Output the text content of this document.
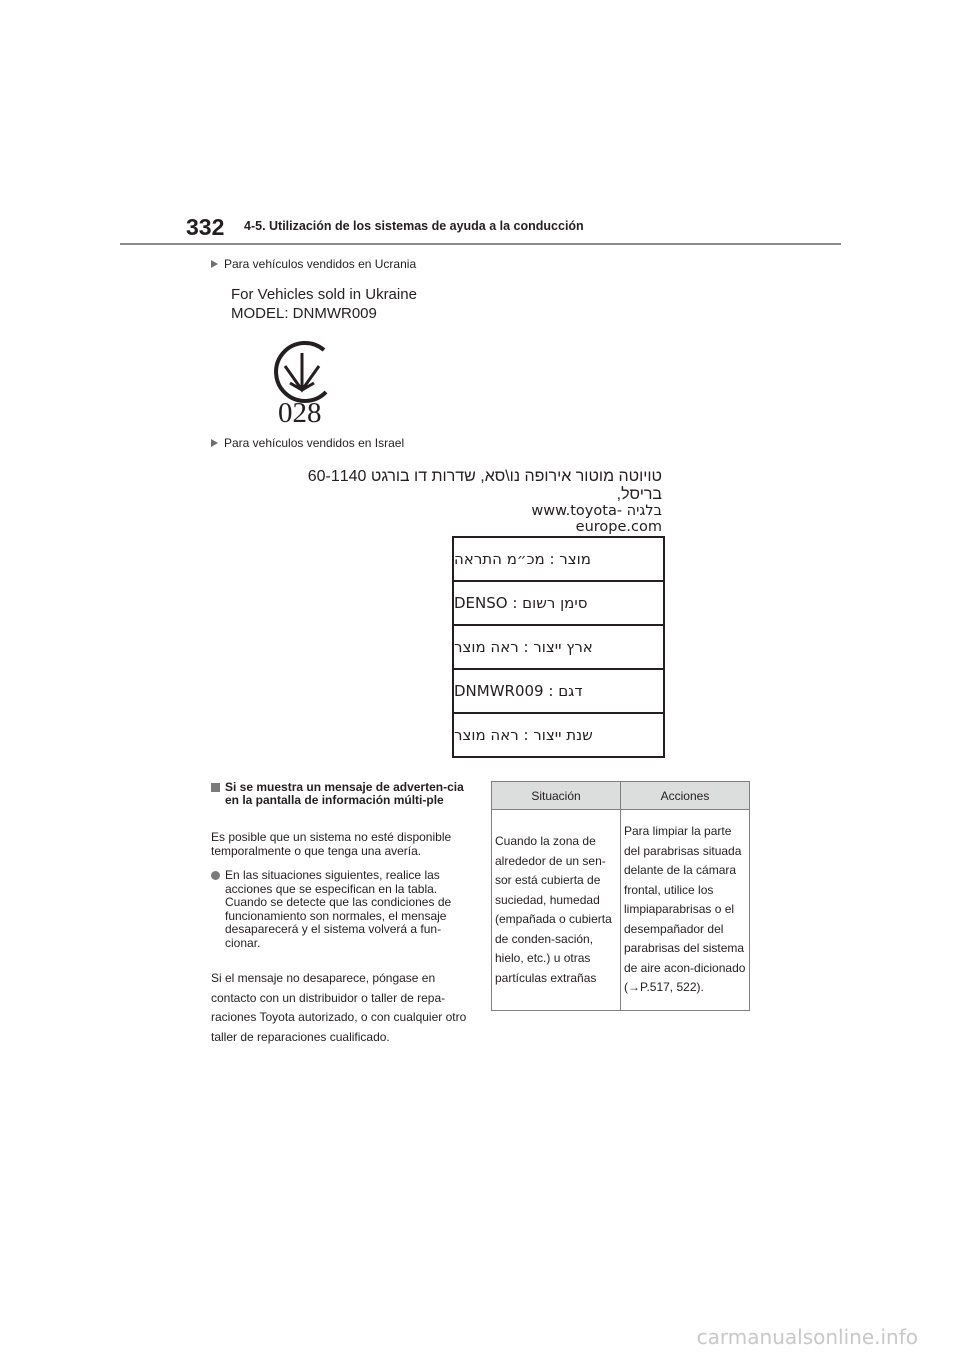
332 4-5. Utilización de los sistemas de ayuda a la conducción
Para vehículos vendidos en Ucrania
For Vehicles sold in Ukraine
MODEL: DNMWR009
028
Para vehículos vendidos en Israel
טויוטה מוטור אירופה נו\סא, שדרות דו בורגט 60-1140 בריסל,
בלגיה www.toyota-europe.com
מוצר : מכ״מ התראה
סימן רשום : DENSO
ארץ ייצור : ראה מוצר
דגם : DNMWR009
שנת ייצור : ראה מוצר
Si se muestra un mensaje de adverten-cia en la pantalla de información múlti-ple
Es posible que un sistema no esté disponible temporalmente o que tenga una avería.
En las situaciones siguientes, realice las acciones que se especifican en la tabla. Cuando se detecte que las condiciones de funcionamiento son normales, el mensaje desaparecerá y el sistema volverá a fun-cionar.
Si el mensaje no desaparece, póngase en contacto con un distribuidor o taller de repa-raciones Toyota autorizado, o con cualquier otro taller de reparaciones cualificado.
Situación	Acciones
Cuando la zona de alrededor de un sen-sor está cubierta de suciedad, humedad (empañada o cubierta de conden-sación, hielo, etc.) u otras partículas extrañas	Para limpiar la parte del parabrisas situada delante de la cámara frontal, utilice los limpiaparabrisas o el desempañador del parabrisas del sistema de aire acon-dicionado (→P.517, 522).
carmanualsonline.info
